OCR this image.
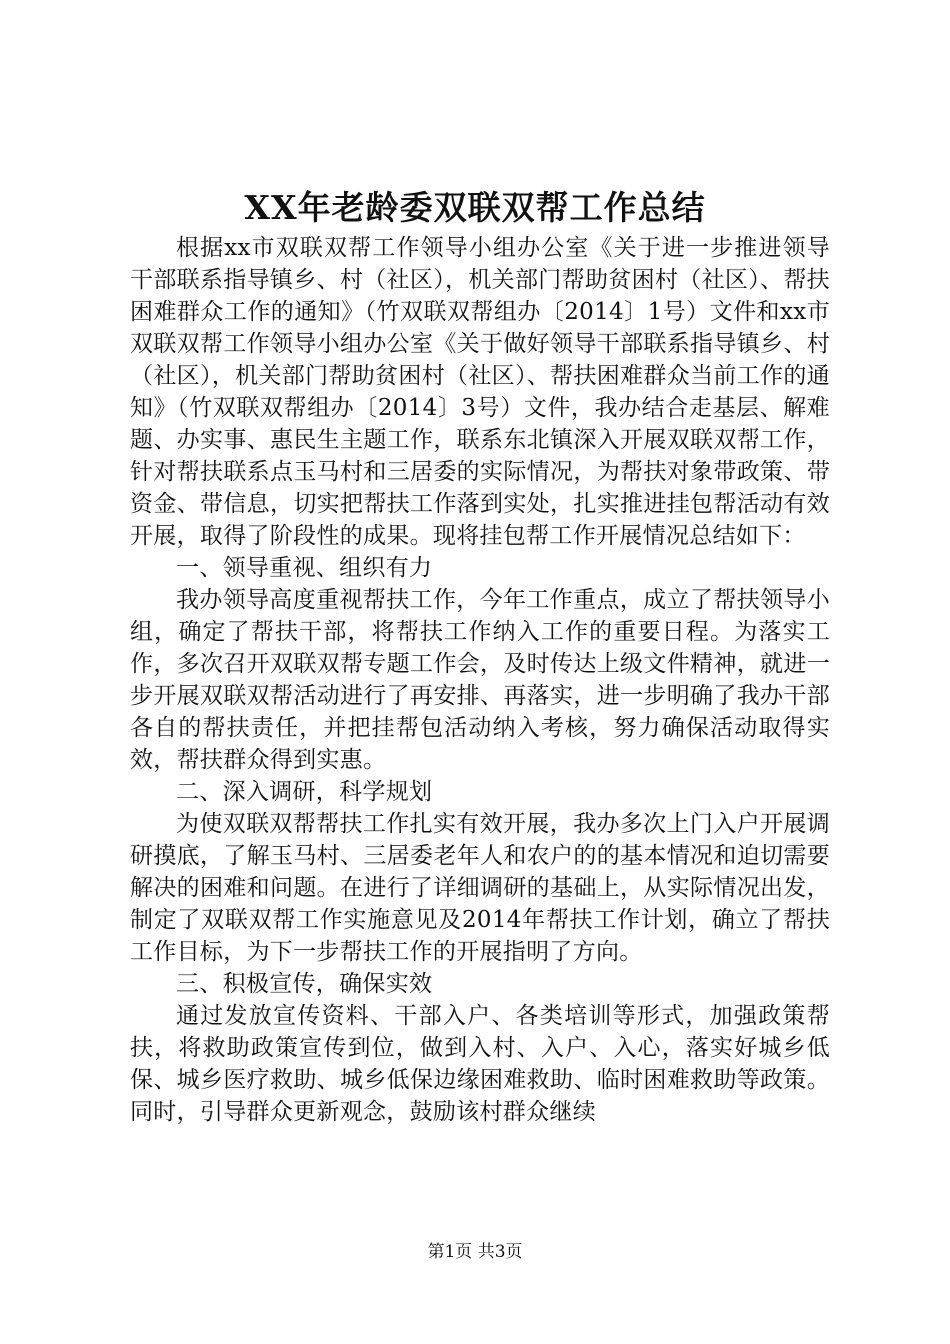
XX年老龄委双联双帮工作总结

根据xx市双联双帮工作领导小组办公室《关于进一步推进领导干部联系指导镇乡、村（社区），机关部门帮助贫困村（社区）、帮扶困难群众工作的通知》（竹双联双帮组办〔2014〕1号）文件和xx市双联双帮工作领导小组办公室《关于做好领导干部联系指导镇乡、村（社区），机关部门帮助贫困村（社区）、帮扶困难群众当前工作的通知》（竹双联双帮组办〔2014〕3号）文件，我办结合走基层、解难题、办实事、惠民生主题工作，联系东北镇深入开展双联双帮工作，针对帮扶联系点玉马村和三居委的实际情况，为帮扶对象带政策、带资金、带信息，切实把帮扶工作落到实处，扎实推进挂包帮活动有效开展，取得了阶段性的成果。现将挂包帮工作开展情况总结如下：

一、领导重视、组织有力

我办领导高度重视帮扶工作，今年工作重点，成立了帮扶领导小组，确定了帮扶干部，将帮扶工作纳入工作的重要日程。为落实工作，多次召开双联双帮专题工作会，及时传达上级文件精神，就进一步开展双联双帮活动进行了再安排、再落实，进一步明确了我办干部各自的帮扶责任，并把挂帮包活动纳入考核，努力确保活动取得实效，帮扶群众得到实惠。

二、深入调研，科学规划

为使双联双帮帮扶工作扎实有效开展，我办多次上门入户开展调研摸底，了解玉马村、三居委老年人和农户的的基本情况和迫切需要解决的困难和问题。在进行了详细调研的基础上，从实际情况出发，制定了双联双帮工作实施意见及2014年帮扶工作计划，确立了帮扶工作目标，为下一步帮扶工作的开展指明了方向。

三、积极宣传，确保实效

通过发放宣传资料、干部入户、各类培训等形式，加强政策帮扶，将救助政策宣传到位，做到入村、入户、入心，落实好城乡低保、城乡医疗救助、城乡低保边缘困难救助、临时困难救助等政策。同时，引导群众更新观念，鼓励该村群众继续

第1页 共3页
